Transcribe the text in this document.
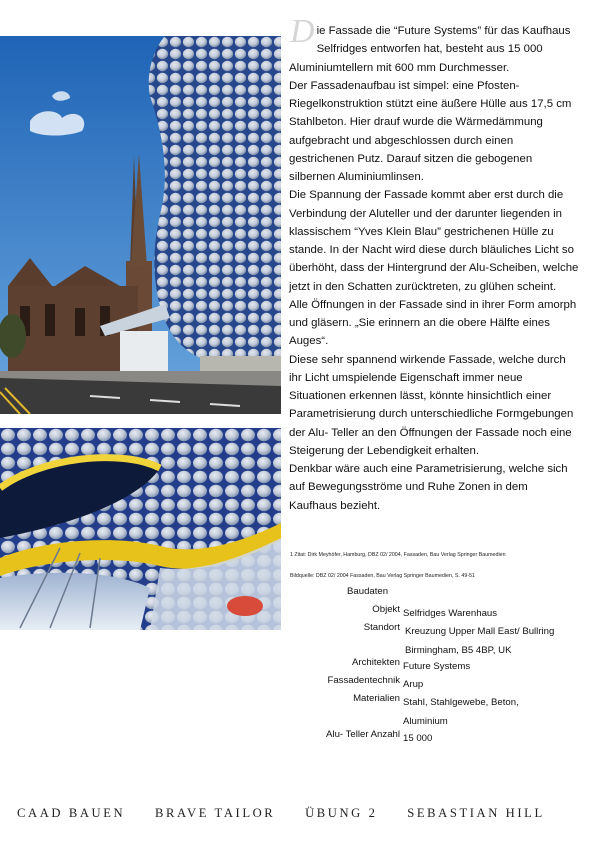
Die Fassade die “Future Systems” für das Kaufhaus Selfridges entworfen hat, besteht aus 15 000 Aluminiumtellern mit 600 mm Durchmesser.
Der Fassadenaufbau ist simpel: eine Pfosten-Riegelkonstruktion stützt eine äußere Hülle aus 17,5 cm Stahlbeton. Hier drauf wurde die Wärmedämmung aufgebracht und abgeschlossen durch einen gestrichenen Putz. Darauf sitzen die gebogenen silbernen Aluminiumlinsen.
Die Spannung der Fassade kommt aber erst durch die Verbindung der Aluteller und der darunter liegenden in klassischem “Yves Klein Blau” gestrichenen Hülle zu stande. In der Nacht wird diese durch bläuliches Licht so überhöht, dass der Hintergrund der Alu-Scheiben, welche jetzt in den Schatten zurücktreten, zu glühen scheint.
Alle Öffnungen in der Fassade sind in ihrer Form amorph und gläsern. „Sie erinnern an die obere Hälfte eines Auges“.
Diese sehr spannend wirkende Fassade, welche durch ihr Licht umspielende Eigenschaft immer neue Situationen erkennen lässt, könnte hinsichtlich einer Parametrisierung durch unterschiedliche Formgebungen der Alu- Teller an den Öffnungen der Fassade noch eine Steigerung der Lebendigkeit erhalten.
Denkbar wäre auch eine Parametrisierung, welche sich auf Bewegungsströme und Ruhe Zonen in dem Kaufhaus bezieht.
1 Zitat: Dirk Meyhöfer, Hamburg, DBZ 02/ 2004, Fassaden, Bau Verlag Springer Baumedien
Bildquelle: DBZ 02/ 2004 Fassaden, Bau Verlag Springer Baumedien, S. 49-51
Baudaten
Objekt Selfridges Warenhaus
Standort Kreuzung Upper Mall East/ Bullring
Birmingham, B5 4BP, UK
Architekten Future Systems
Fassadentechnik Arup
Materialien Stahl, Stahlgewebe, Beton,
Aluminium
Alu- Teller Anzahl 15 000
CAAD BAUEN BRAVE TAILOR ÜBUNG 2 SEBASTIAN HILL
